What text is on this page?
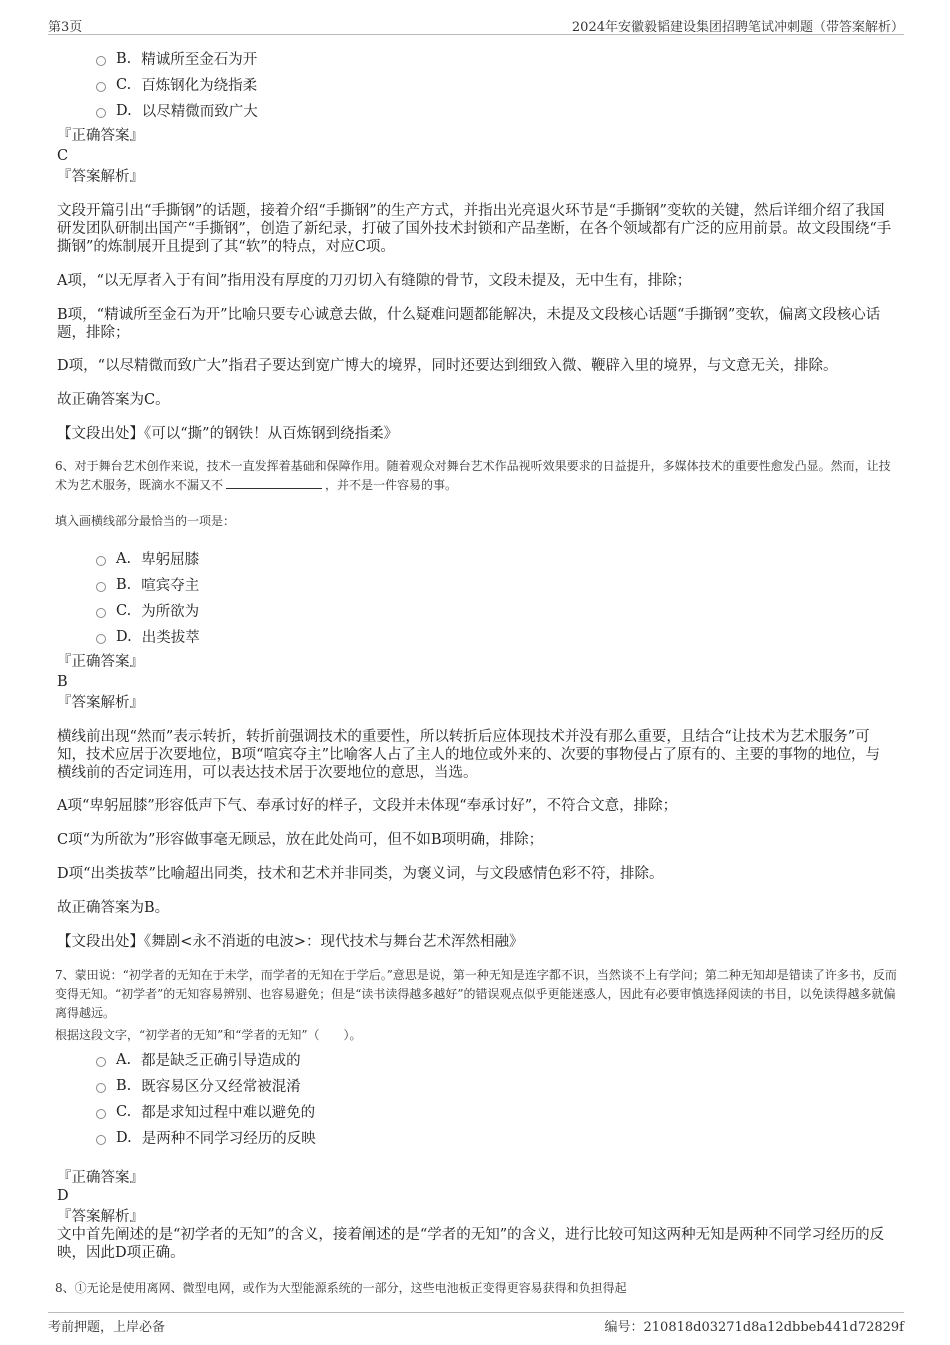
第3页	2024年安徽毅韬建设集团招聘笔试冲刺题（带答案解析）
B. 精诚所至金石为开
C. 百炼钢化为绕指柔
D. 以尽精微而致广大
『正确答案』
C
『答案解析』
文段开篇引出“手撕钢”的话题，接着介绍“手撕钢”的生产方式，并指出光亮退火环节是“手撕钢”变软的关键，然后详细介绍了我国研发团队研制出国产“手撕钢”，创造了新纪录，打破了国外技术封锁和产品垄断，在各个领域都有广泛的应用前景。故文段围绕“手撕钢”的炼制展开且提到了其“软”的特点，对应C项。
A项，“以无厚者入于有间”指用没有厚度的刀刃切入有缝隙的骨节，文段未提及，无中生有，排除；
B项，“精诚所至金石为开”比喻只要专心诚意去做，什么疑难问题都能解决，未提及文段核心话题“手撕钢”变软，偏离文段核心话题，排除；
D项，“以尽精微而致广大”指君子要达到宽广博大的境界，同时还要达到细致入微、鞭辟入里的境界，与文意无关，排除。
故正确答案为C。
【文段出处】《可以“撕”的钢铁！从百炼钢到绕指柔》
6、对于舞台艺术创作来说，技术一直发挥着基础和保障作用。随着观众对舞台艺术作品视听效果要求的日益提升，多媒体技术的重要性愈发凸显。然而，让技术为艺术服务，既滴水不漏又不	，并不是一件容易的事。
填入画横线部分最恰当的一项是：
A. 卑躬屈膝
B. 喧宾夺主
C. 为所欲为
D. 出类拔萃
『正确答案』
B
『答案解析』
横线前出现“然而”表示转折，转折前强调技术的重要性，所以转折后应体现技术并没有那么重要，且结合“让技术为艺术服务”可知，技术应居于次要地位，B项“喧宾夺主”比喻客人占了主人的地位或外来的、次要的事物侵占了原有的、主要的事物的地位，与横线前的否定词连用，可以表达技术居于次要地位的意思，当选。
A项“卑躬屈膝”形容低声下气、奉承讨好的样子，文段并未体现“奉承讨好”，不符合文意，排除；
C项“为所欲为”形容做事毫无顾忌，放在此处尚可，但不如B项明确，排除；
D项“出类拔萃”比喻超出同类，技术和艺术并非同类，为褒义词，与文段感情色彩不符，排除。
故正确答案为B。
【文段出处】《舞剧<永不消逝的电波>：现代技术与舞台艺术浑然相融》
7、蒙田说：“初学者的无知在于未学，而学者的无知在于学后。”意思是说，第一种无知是连字都不识，当然谈不上有学问；第二种无知却是错读了许多书，反而变得无知。“初学者”的无知容易辨别、也容易避免；但是“读书读得越多越好”的错误观点似乎更能迷惑人，因此有必要审慎选择阅读的书目，以免读得越多就偏离得越远。
根据这段文字，“初学者的无知”和“学者的无知”（　　）。
A. 都是缺乏正确引导造成的
B. 既容易区分又经常被混淆
C. 都是求知过程中难以避免的
D. 是两种不同学习经历的反映
『正确答案』
D
『答案解析』
文中首先阐述的是“初学者的无知”的含义，接着阐述的是“学者的无知”的含义，进行比较可知这两种无知是两种不同学习经历的反映，因此D项正确。
8、①无论是使用离网、微型电网，或作为大型能源系统的一部分，这些电池板正变得更容易获得和负担得起
考前押题，上岸必备	编号：210818d03271d8a12dbbeb441d72829f
